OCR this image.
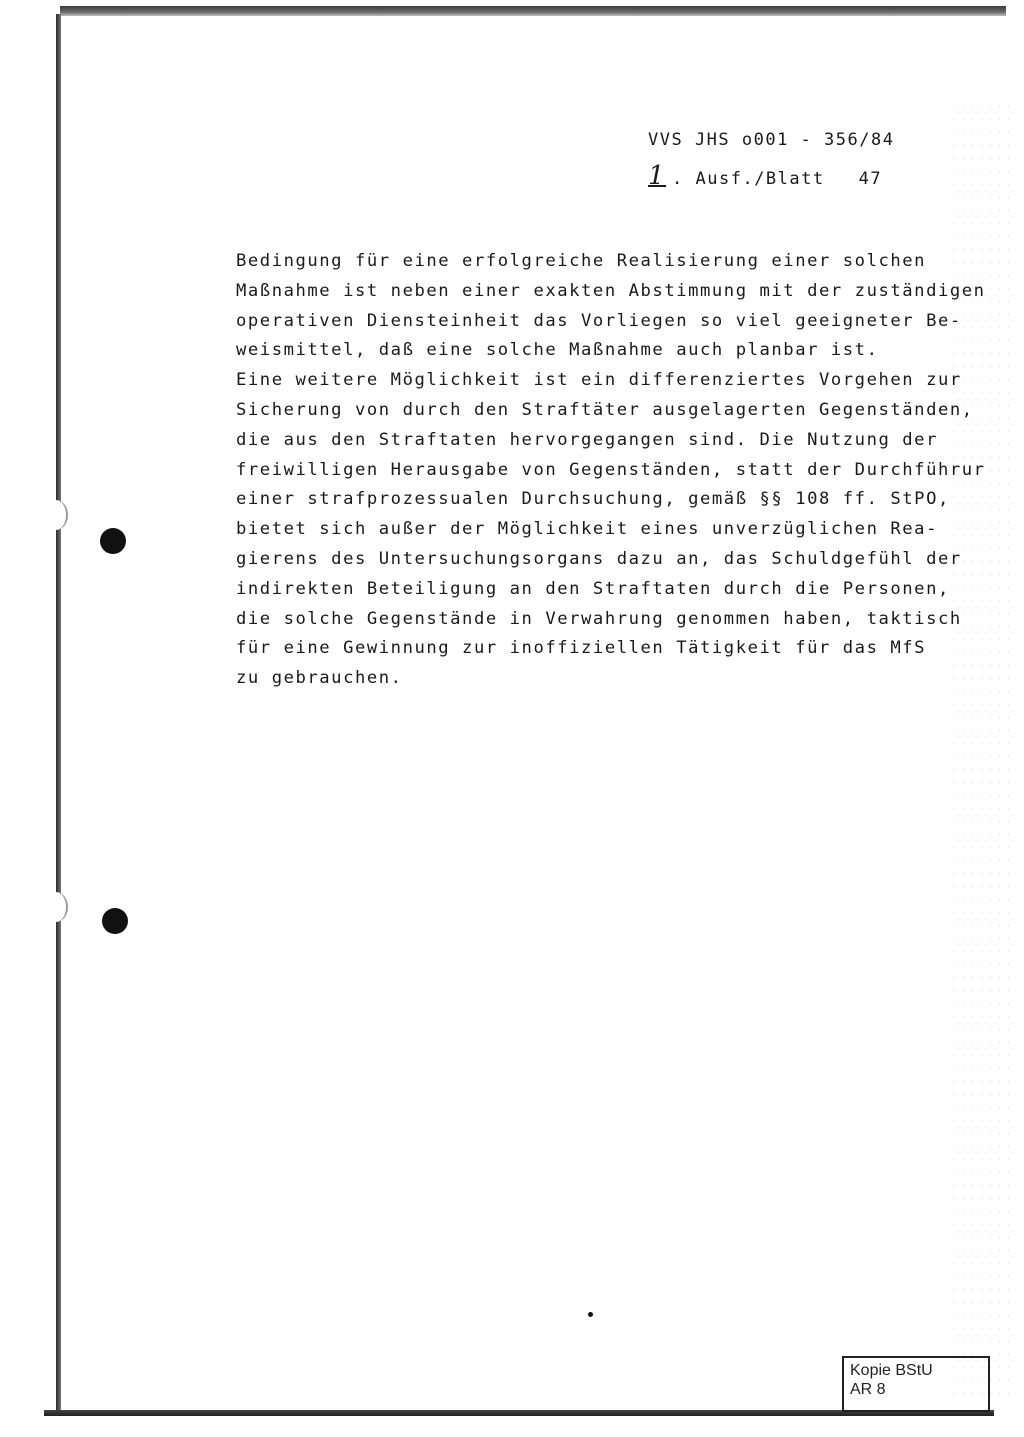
VVS JHS o001 - 356/84
1 . Ausf./Blatt 47
Bedingung für eine erfolgreiche Realisierung einer solchen
Maßnahme ist neben einer exakten Abstimmung mit der zuständigen
operativen Diensteinheit das Vorliegen so viel geeigneter Be-
weismittel, daß eine solche Maßnahme auch planbar ist.
Eine weitere Möglichkeit ist ein differenziertes Vorgehen zur
Sicherung von durch den Straftäter ausgelagerten Gegenständen,
die aus den Straftaten hervorgegangen sind. Die Nutzung der
freiwilligen Herausgabe von Gegenständen, statt der Durchführur
einer strafprozessualen Durchsuchung, gemäß §§ 108 ff. StPO,
bietet sich außer der Möglichkeit eines unverzüglichen Rea-
gierens des Untersuchungsorgans dazu an, das Schuldgefühl der
indirekten Beteiligung an den Straftaten durch die Personen,
die solche Gegenstände in Verwahrung genommen haben, taktisch
für eine Gewinnung zur inoffiziellen Tätigkeit für das MfS
zu gebrauchen.
Kopie BStU
AR 8
